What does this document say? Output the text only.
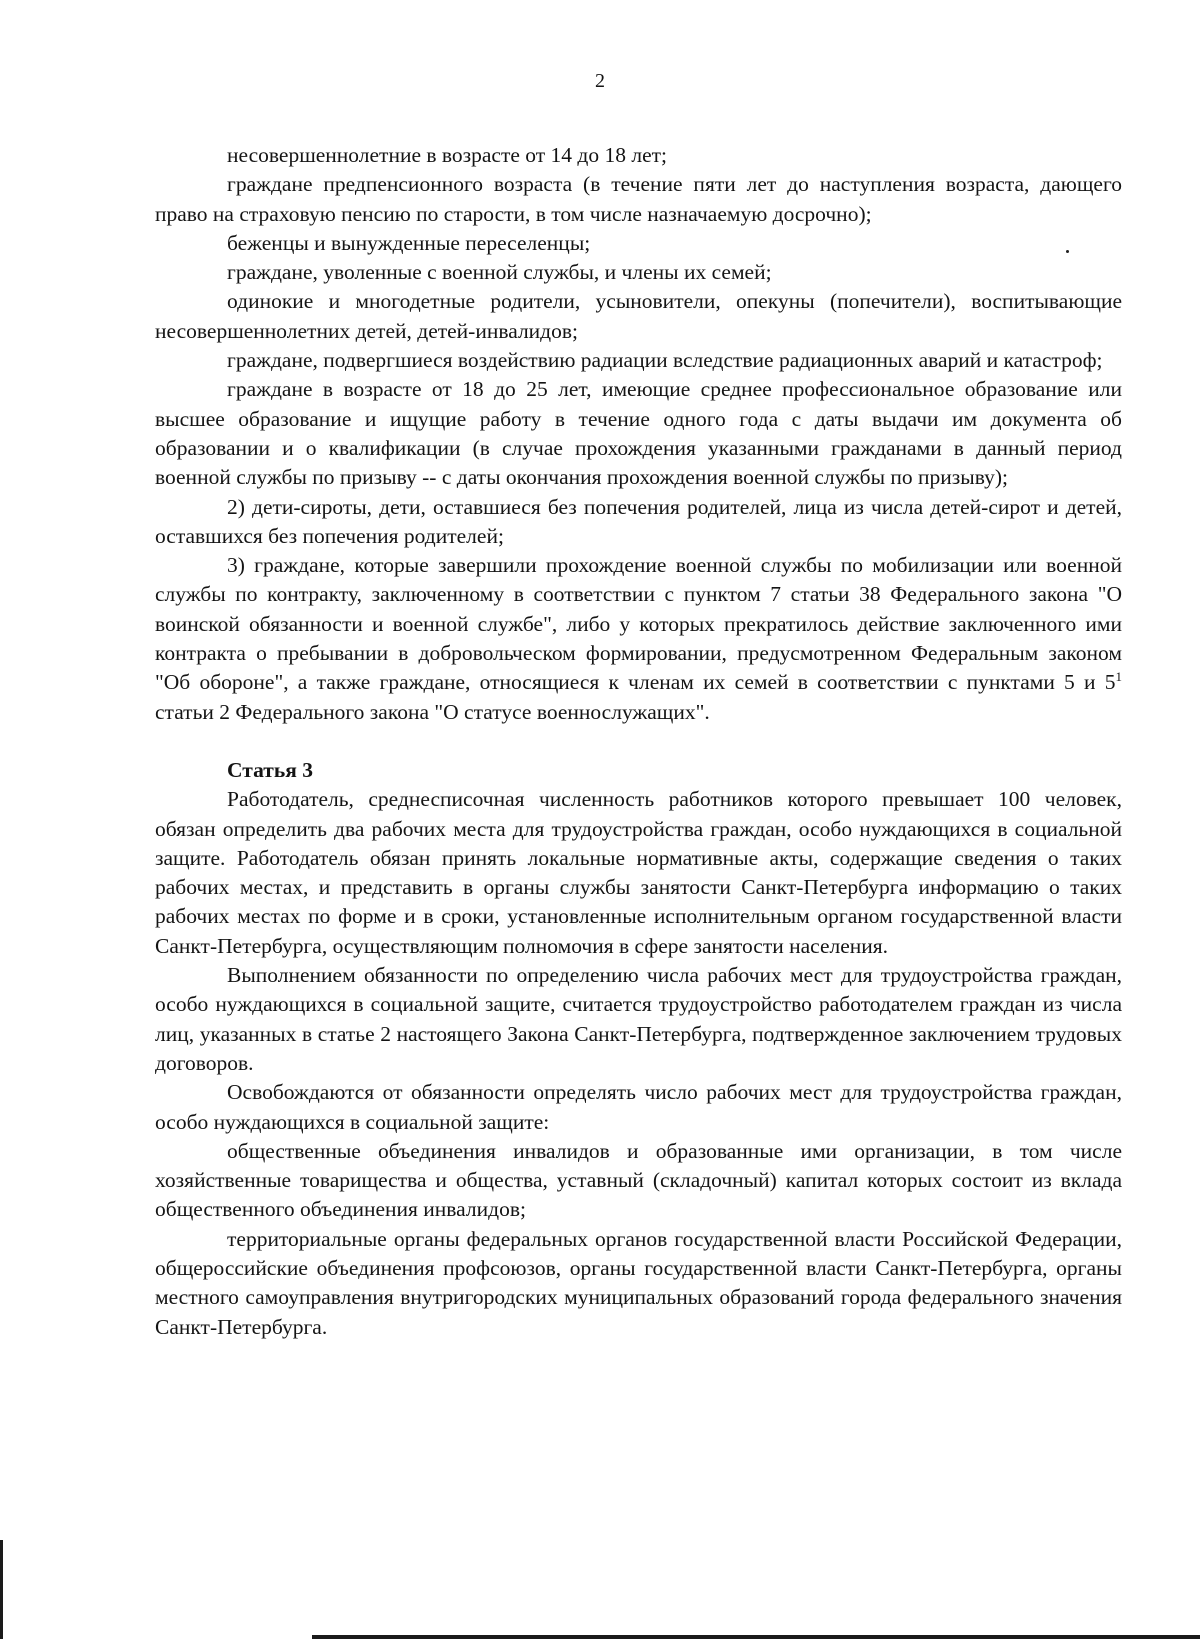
2

несовершеннолетние в возрасте от 14 до 18 лет;

граждане предпенсионного возраста (в течение пяти лет до наступления возраста, дающего право на страховую пенсию по старости, в том числе назначаемую досрочно);

беженцы и вынужденные переселенцы;

граждане, уволенные с военной службы, и члены их семей;

одинокие и многодетные родители, усыновители, опекуны (попечители), воспитывающие несовершеннолетних детей, детей-инвалидов;

граждане, подвергшиеся воздействию радиации вследствие радиационных аварий и катастроф;

граждане в возрасте от 18 до 25 лет, имеющие среднее профессиональное образование или высшее образование и ищущие работу в течение одного года с даты выдачи им документа об образовании и о квалификации (в случае прохождения указанными гражданами в данный период военной службы по призыву -- с даты окончания прохождения военной службы по призыву);

2) дети-сироты, дети, оставшиеся без попечения родителей, лица из числа детей-сирот и детей, оставшихся без попечения родителей;

3) граждане, которые завершили прохождение военной службы по мобилизации или военной службы по контракту, заключенному в соответствии с пунктом 7 статьи 38 Федерального закона "О воинской обязанности и военной службе", либо у которых прекратилось действие заключенного ими контракта о пребывании в добровольческом формировании, предусмотренном Федеральным законом "Об обороне", а также граждане, относящиеся к членам их семей в соответствии с пунктами 5 и $5^1$ статьи 2 Федерального закона "О статусе военнослужащих".

Статья 3

Работодатель, среднесписочная численность работников которого превышает 100 человек, обязан определить два рабочих места для трудоустройства граждан, особо нуждающихся в социальной защите. Работодатель обязан принять локальные нормативные акты, содержащие сведения о таких рабочих местах, и представить в органы службы занятости Санкт-Петербурга информацию о таких рабочих местах по форме и в сроки, установленные исполнительным органом государственной власти Санкт-Петербурга, осуществляющим полномочия в сфере занятости населения.

Выполнением обязанности по определению числа рабочих мест для трудоустройства граждан, особо нуждающихся в социальной защите, считается трудоустройство работодателем граждан из числа лиц, указанных в статье 2 настоящего Закона Санкт-Петербурга, подтвержденное заключением трудовых договоров.

Освобождаются от обязанности определять число рабочих мест для трудоустройства граждан, особо нуждающихся в социальной защите:

общественные объединения инвалидов и образованные ими организации, в том числе хозяйственные товарищества и общества, уставный (складочный) капитал которых состоит из вклада общественного объединения инвалидов;

территориальные органы федеральных органов государственной власти Российской Федерации, общероссийские объединения профсоюзов, органы государственной власти Санкт-Петербурга, органы местного самоуправления внутригородских муниципальных образований города федерального значения Санкт-Петербурга.
